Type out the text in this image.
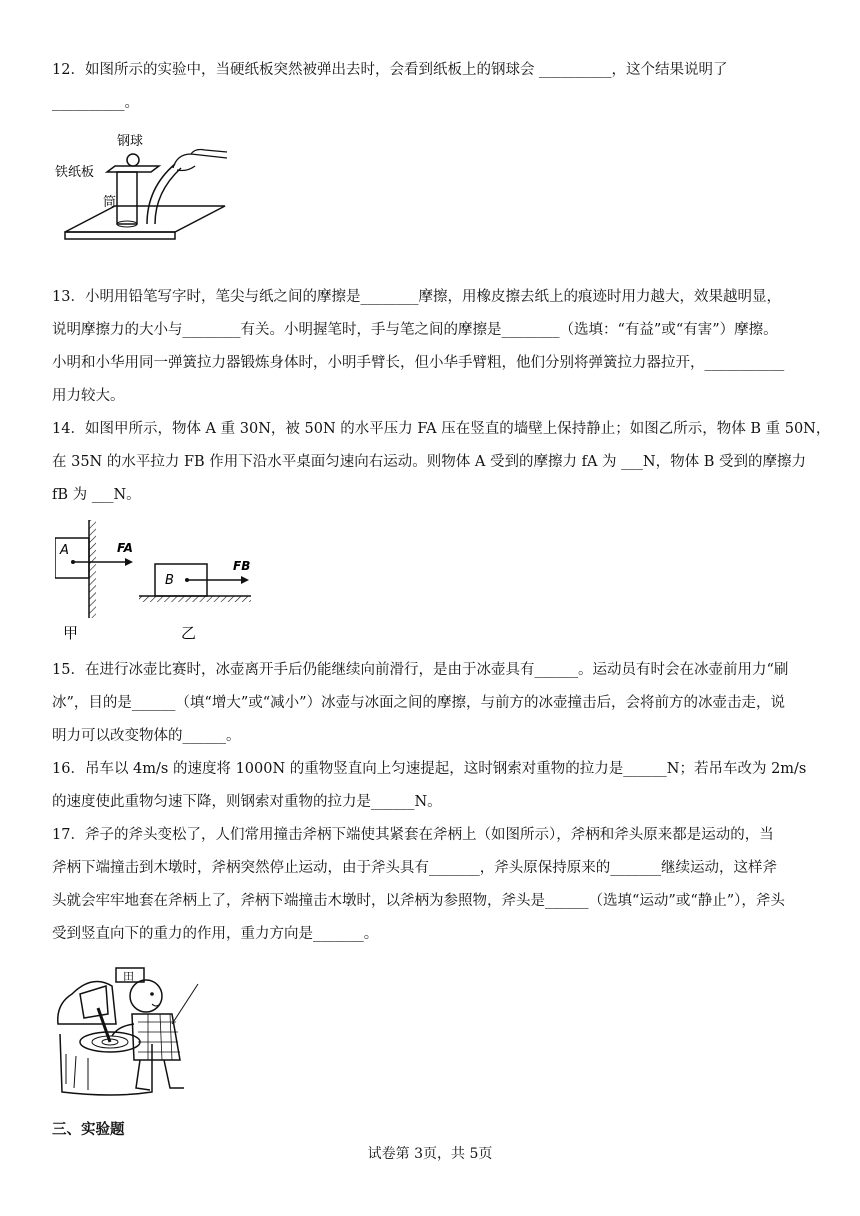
12．如图所示的实验中，当硬纸板突然被弹出去时，会看到纸板上的钢球会 __________，这个结果说明了
__________。
钢球
铁纸板
筒
13．小明用铅笔写字时，笔尖与纸之间的摩擦是________摩擦，用橡皮擦去纸上的痕迹时用力越大，效果越明显，
说明摩擦力的大小与________有关。小明握笔时，手与笔之间的摩擦是________（选填：“有益”或“有害”）摩擦。
小明和小华用同一弹簧拉力器锻炼身体时，小明手臂长，但小华手臂粗，他们分别将弹簧拉力器拉开，___________
用力较大。
14．如图甲所示，物体 A 重 30N，被 50N 的水平压力 FA 压在竖直的墙壁上保持静止；如图乙所示，物体 B 重 50N，
在 35N 的水平拉力 FB 作用下沿水平桌面匀速向右运动。则物体 A 受到的摩擦力 fA 为 ___N，物体 B 受到的摩擦力
fB 为 ___N。
A	FA
甲
B
FB
乙
15．在进行冰壶比赛时，冰壶离开手后仍能继续向前滑行，是由于冰壶具有______。运动员有时会在冰壶前用力“刷
冰”，目的是______（填“增大”或“减小”）冰壶与冰面之间的摩擦，与前方的冰壶撞击后，会将前方的冰壶击走，说
明力可以改变物体的______。
16．吊车以 4m/s 的速度将 1000N 的重物竖直向上匀速提起，这时钢索对重物的拉力是______N；若吊车改为 2m/s
的速度使此重物匀速下降，则钢索对重物的拉力是______N。
17．斧子的斧头变松了，人们常用撞击斧柄下端使其紧套在斧柄上（如图所示），斧柄和斧头原来都是运动的，当
斧柄下端撞击到木墩时，斧柄突然停止运动，由于斧头具有_______，斧头原保持原来的_______继续运动，这样斧
头就会牢牢地套在斧柄上了，斧柄下端撞击木墩时，以斧柄为参照物，斧头是______（选填“运动”或“静止”），斧头
受到竖直向下的重力的作用，重力方向是_______。
田
三、实验题
试卷第 3页，共 5页
